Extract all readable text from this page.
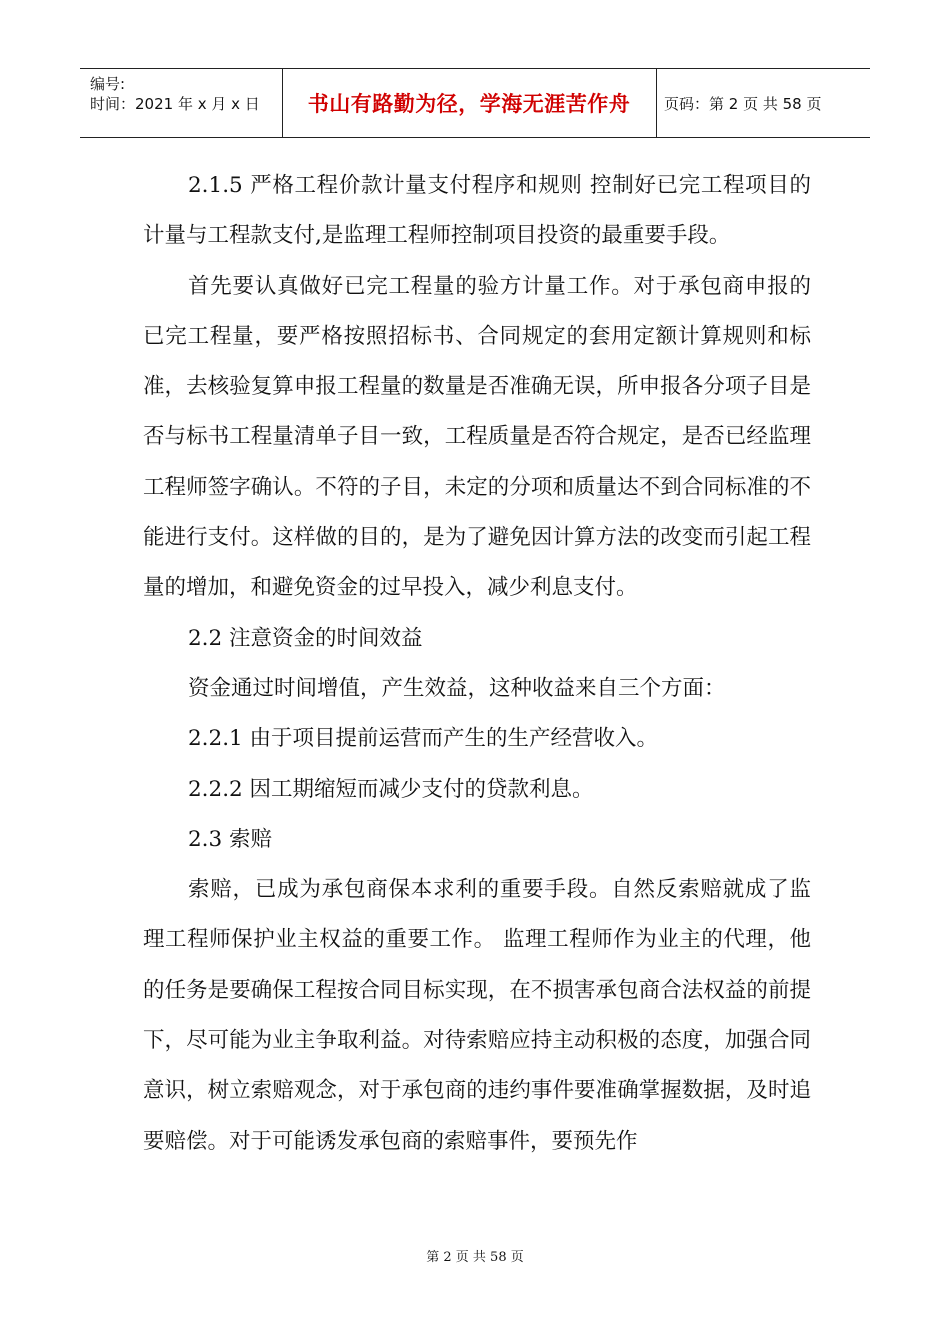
编号:
时间：2021 年 x 月 x 日 书山有路勤为径，学海无涯苦作舟	页码：第 2 页 共 58 页

2.1.5 严格工程价款计量支付程序和规则 控制好已完工程项目的计量与工程款支付,是监理工程师控制项目投资的最重要手段。

首先要认真做好已完工程量的验方计量工作。对于承包商申报的已完工程量，要严格按照招标书、合同规定的套用定额计算规则和标准，去核验复算申报工程量的数量是否准确无误，所申报各分项子目是否与标书工程量清单子目一致，工程质量是否符合规定，是否已经监理工程师签字确认。不符的子目，未定的分项和质量达不到合同标准的不能进行支付。这样做的目的，是为了避免因计算方法的改变而引起工程量的增加，和避免资金的过早投入，减少利息支付。

2.2 注意资金的时间效益

资金通过时间增值，产生效益，这种收益来自三个方面：

2.2.1 由于项目提前运营而产生的生产经营收入。

2.2.2 因工期缩短而减少支付的贷款利息。

2.3 索赔

索赔，已成为承包商保本求利的重要手段。自然反索赔就成了监理工程师保护业主权益的重要工作。 监理工程师作为业主的代理，他的任务是要确保工程按合同目标实现，在不损害承包商合法权益的前提下，尽可能为业主争取利益。对待索赔应持主动积极的态度，加强合同意识，树立索赔观念，对于承包商的违约事件要准确掌握数据，及时追要赔偿。对于可能诱发承包商的索赔事件，要预先作

第 2 页 共 58 页
